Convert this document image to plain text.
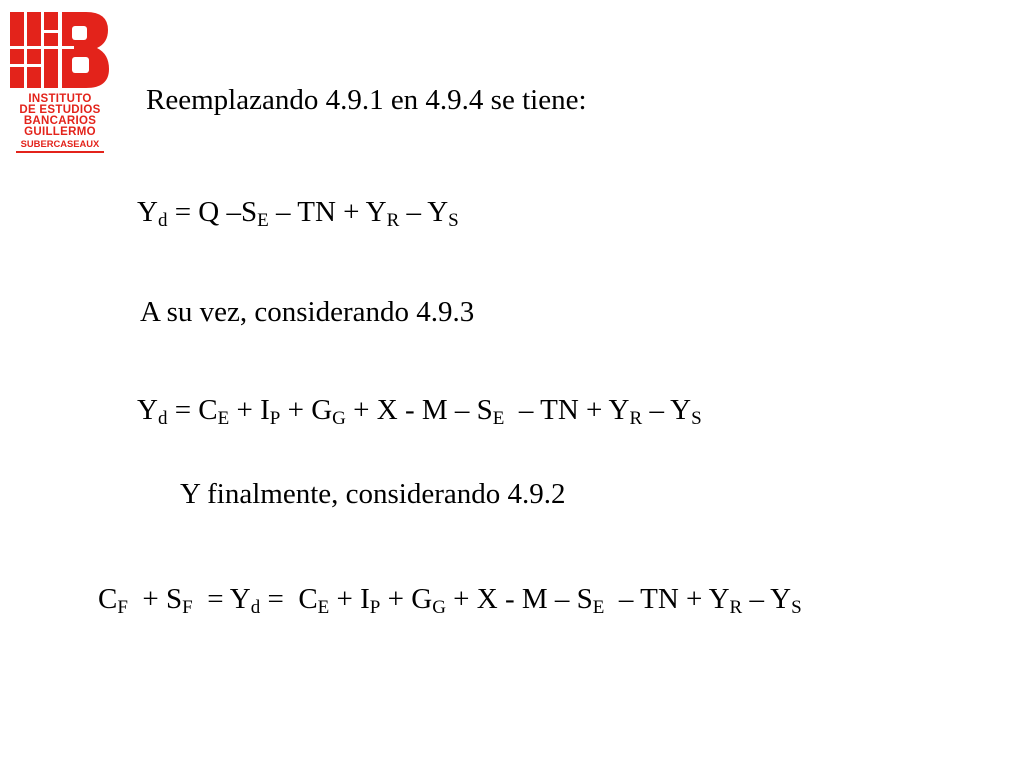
INSTITUTO
DE ESTUDIOS
BANCARIOS
GUILLERMO
SUBERCASEAUX
Reemplazando 4.9.1 en 4.9.4 se tiene:
$Y_d = Q$ $-S_E$ – TN + $Y_R - Y_S$
A su vez, considerando 4.9.3
$Y_d = C_E + I_P + G_G + X - M - S_E$  – TN + $Y_R - Y_S$
Y finalmente, considerando 4.9.2
$C_F + S_F = Y_d = C_E + I_P + G_G + X - M - S_E$  – TN + $Y_R - Y_S$
